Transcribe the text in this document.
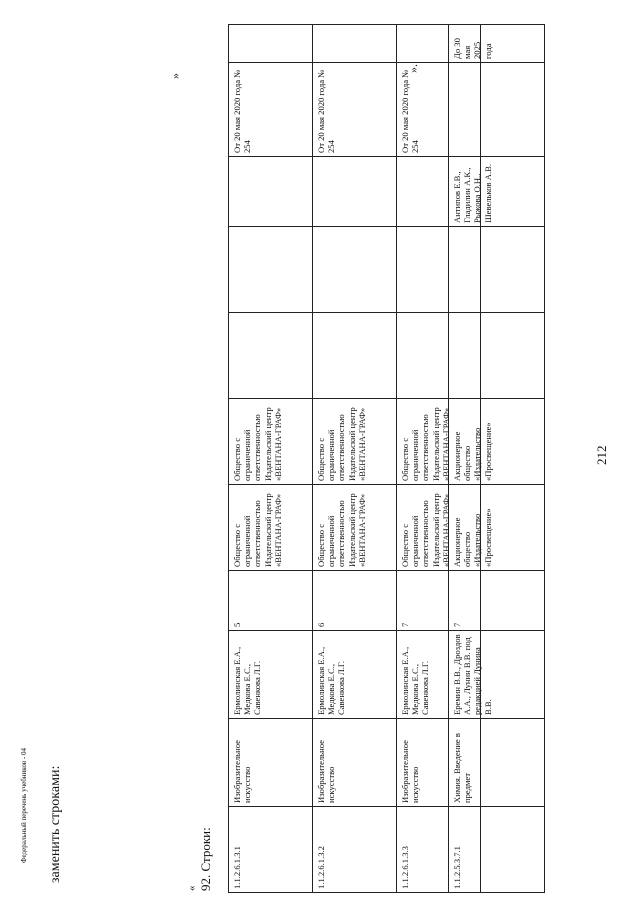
212
1.1.2.5.3.7.1	Химия. Введение в предмет	Еремин В.В., Дроздов А.А., Лунин В.В. под редакцией Лунина В.В.	7	Акционерное общество «Издательство «Просвещение»	Акционерное общество «Издательство «Просвещение»			Антипов Е.В., Гладилин А.К., Рыжова О.Н., Шевельков А.В.		До 30 мая 2025 года
».
92. Строки:
«	1.1.2.6.1.3.1	Изобразительное искусство	Ермолинская Е.А., Медкова Е.С., Савенкова Л.Г.	5	Общество с ограниченной ответственностью Издательский центр «ВЕНТАНА-ГРАФ»	Общество с ограниченной ответственностью Издательский центр «ВЕНТАНА-ГРАФ»				От 20 мая 2020 года № 254	
1.1.2.6.1.3.2	Изобразительное искусство	Ермолинская Е.А., Медкова Е.С., Савенкова Л.Г.	6	Общество с ограниченной ответственностью Издательский центр «ВЕНТАНА-ГРАФ»	Общество с ограниченной ответственностью Издательский центр «ВЕНТАНА-ГРАФ»				От 20 мая 2020 года № 254	
1.1.2.6.1.3.3	Изобразительное искусство	Ермолинская Е.А., Медкова Е.С., Савенкова Л.Г.	7	Общество с ограниченной ответственностью Издательский центр «ВЕНТАНА-ГРАФ»	Общество с ограниченной ответственностью Издательский центр «ВЕНТАНА-ГРАФ»				От 20 мая 2020 года № 254	
»
заменить строками:
Федеральный перечень учебников - 04
